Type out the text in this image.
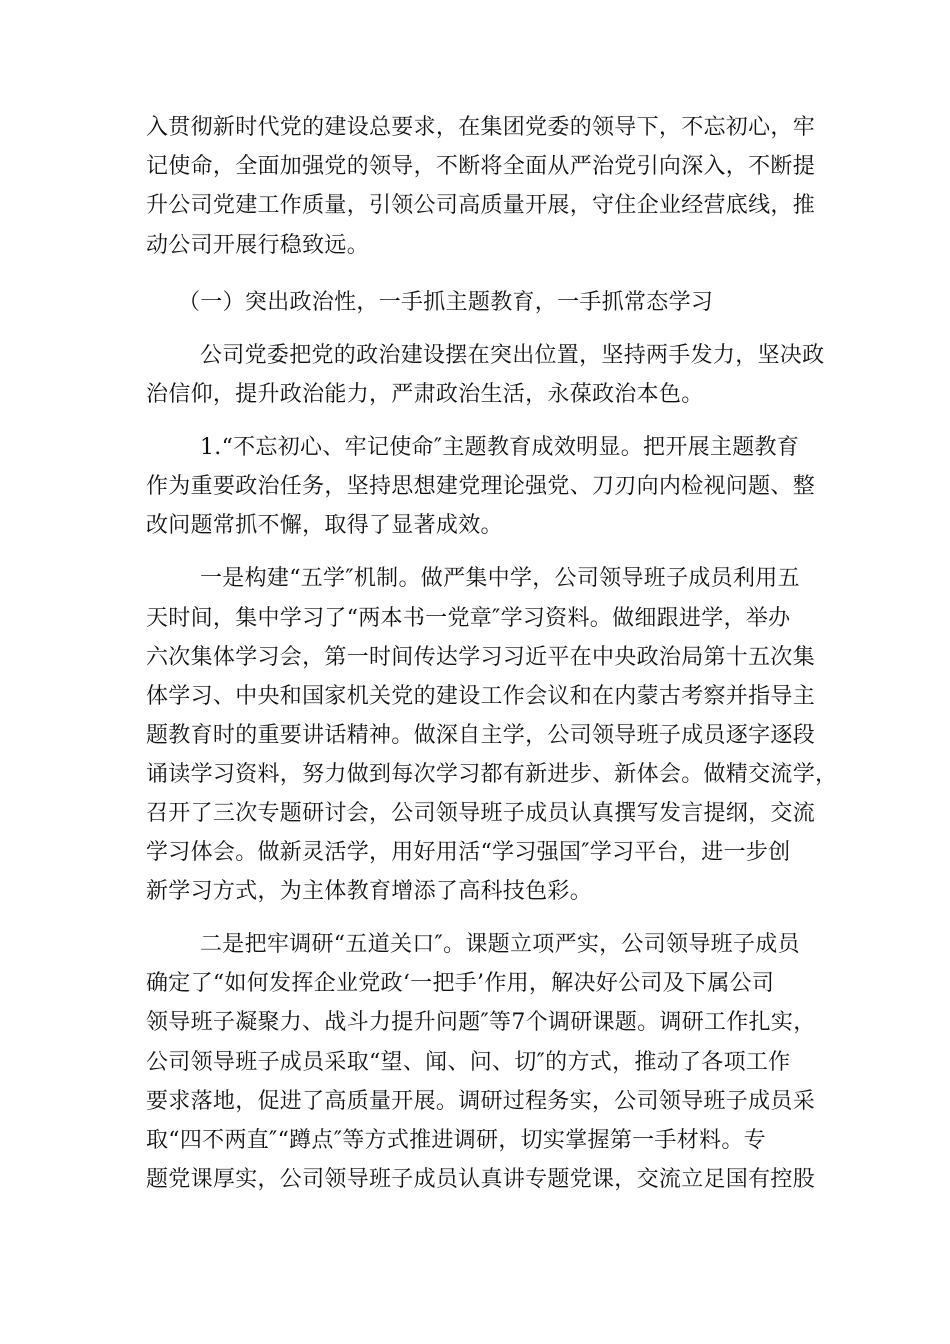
入贯彻新时代党的建设总要求，在集团党委的领导下，不忘初心，牢
记使命，全面加强党的领导，不断将全面从严治党引向深入，不断提
升公司党建工作质量，引领公司高质量开展，守住企业经营底线，推
动公司开展行稳致远。
（一）突出政治性，一手抓主题教育，一手抓常态学习
公司党委把党的政治建设摆在突出位置，坚持两手发力，坚决政
治信仰，提升政治能力，严肃政治生活，永葆政治本色。
1.“不忘初心、牢记使命″主题教育成效明显。把开展主题教育
作为重要政治任务，坚持思想建党理论强党、刀刃向内检视问题、整
改问题常抓不懈，取得了显著成效。
一是构建“五学″机制。做严集中学，公司领导班子成员利用五
天时间，集中学习了“两本书一党章″学习资料。做细跟进学，举办
六次集体学习会，第一时间传达学习习近平在中央政治局第十五次集
体学习、中央和国家机关党的建设工作会议和在内蒙古考察并指导主
题教育时的重要讲话精神。做深自主学，公司领导班子成员逐字逐段
诵读学习资料，努力做到每次学习都有新进步、新体会。做精交流学，
召开了三次专题研讨会，公司领导班子成员认真撰写发言提纲，交流
学习体会。做新灵活学，用好用活“学习强国″学习平台，进一步创
新学习方式，为主体教育增添了高科技色彩。
二是把牢调研“五道关口″。课题立项严实，公司领导班子成员
确定了“如何发挥企业党政‘一把手’作用，解决好公司及下属公司
领导班子凝聚力、战斗力提升问题″等7个调研课题。调研工作扎实，
公司领导班子成员采取“望、闻、问、切″的方式，推动了各项工作
要求落地，促进了高质量开展。调研过程务实，公司领导班子成员采
取“四不两直″“蹲点″等方式推进调研，切实掌握第一手材料。专
题党课厚实，公司领导班子成员认真讲专题党课，交流立足国有控股
